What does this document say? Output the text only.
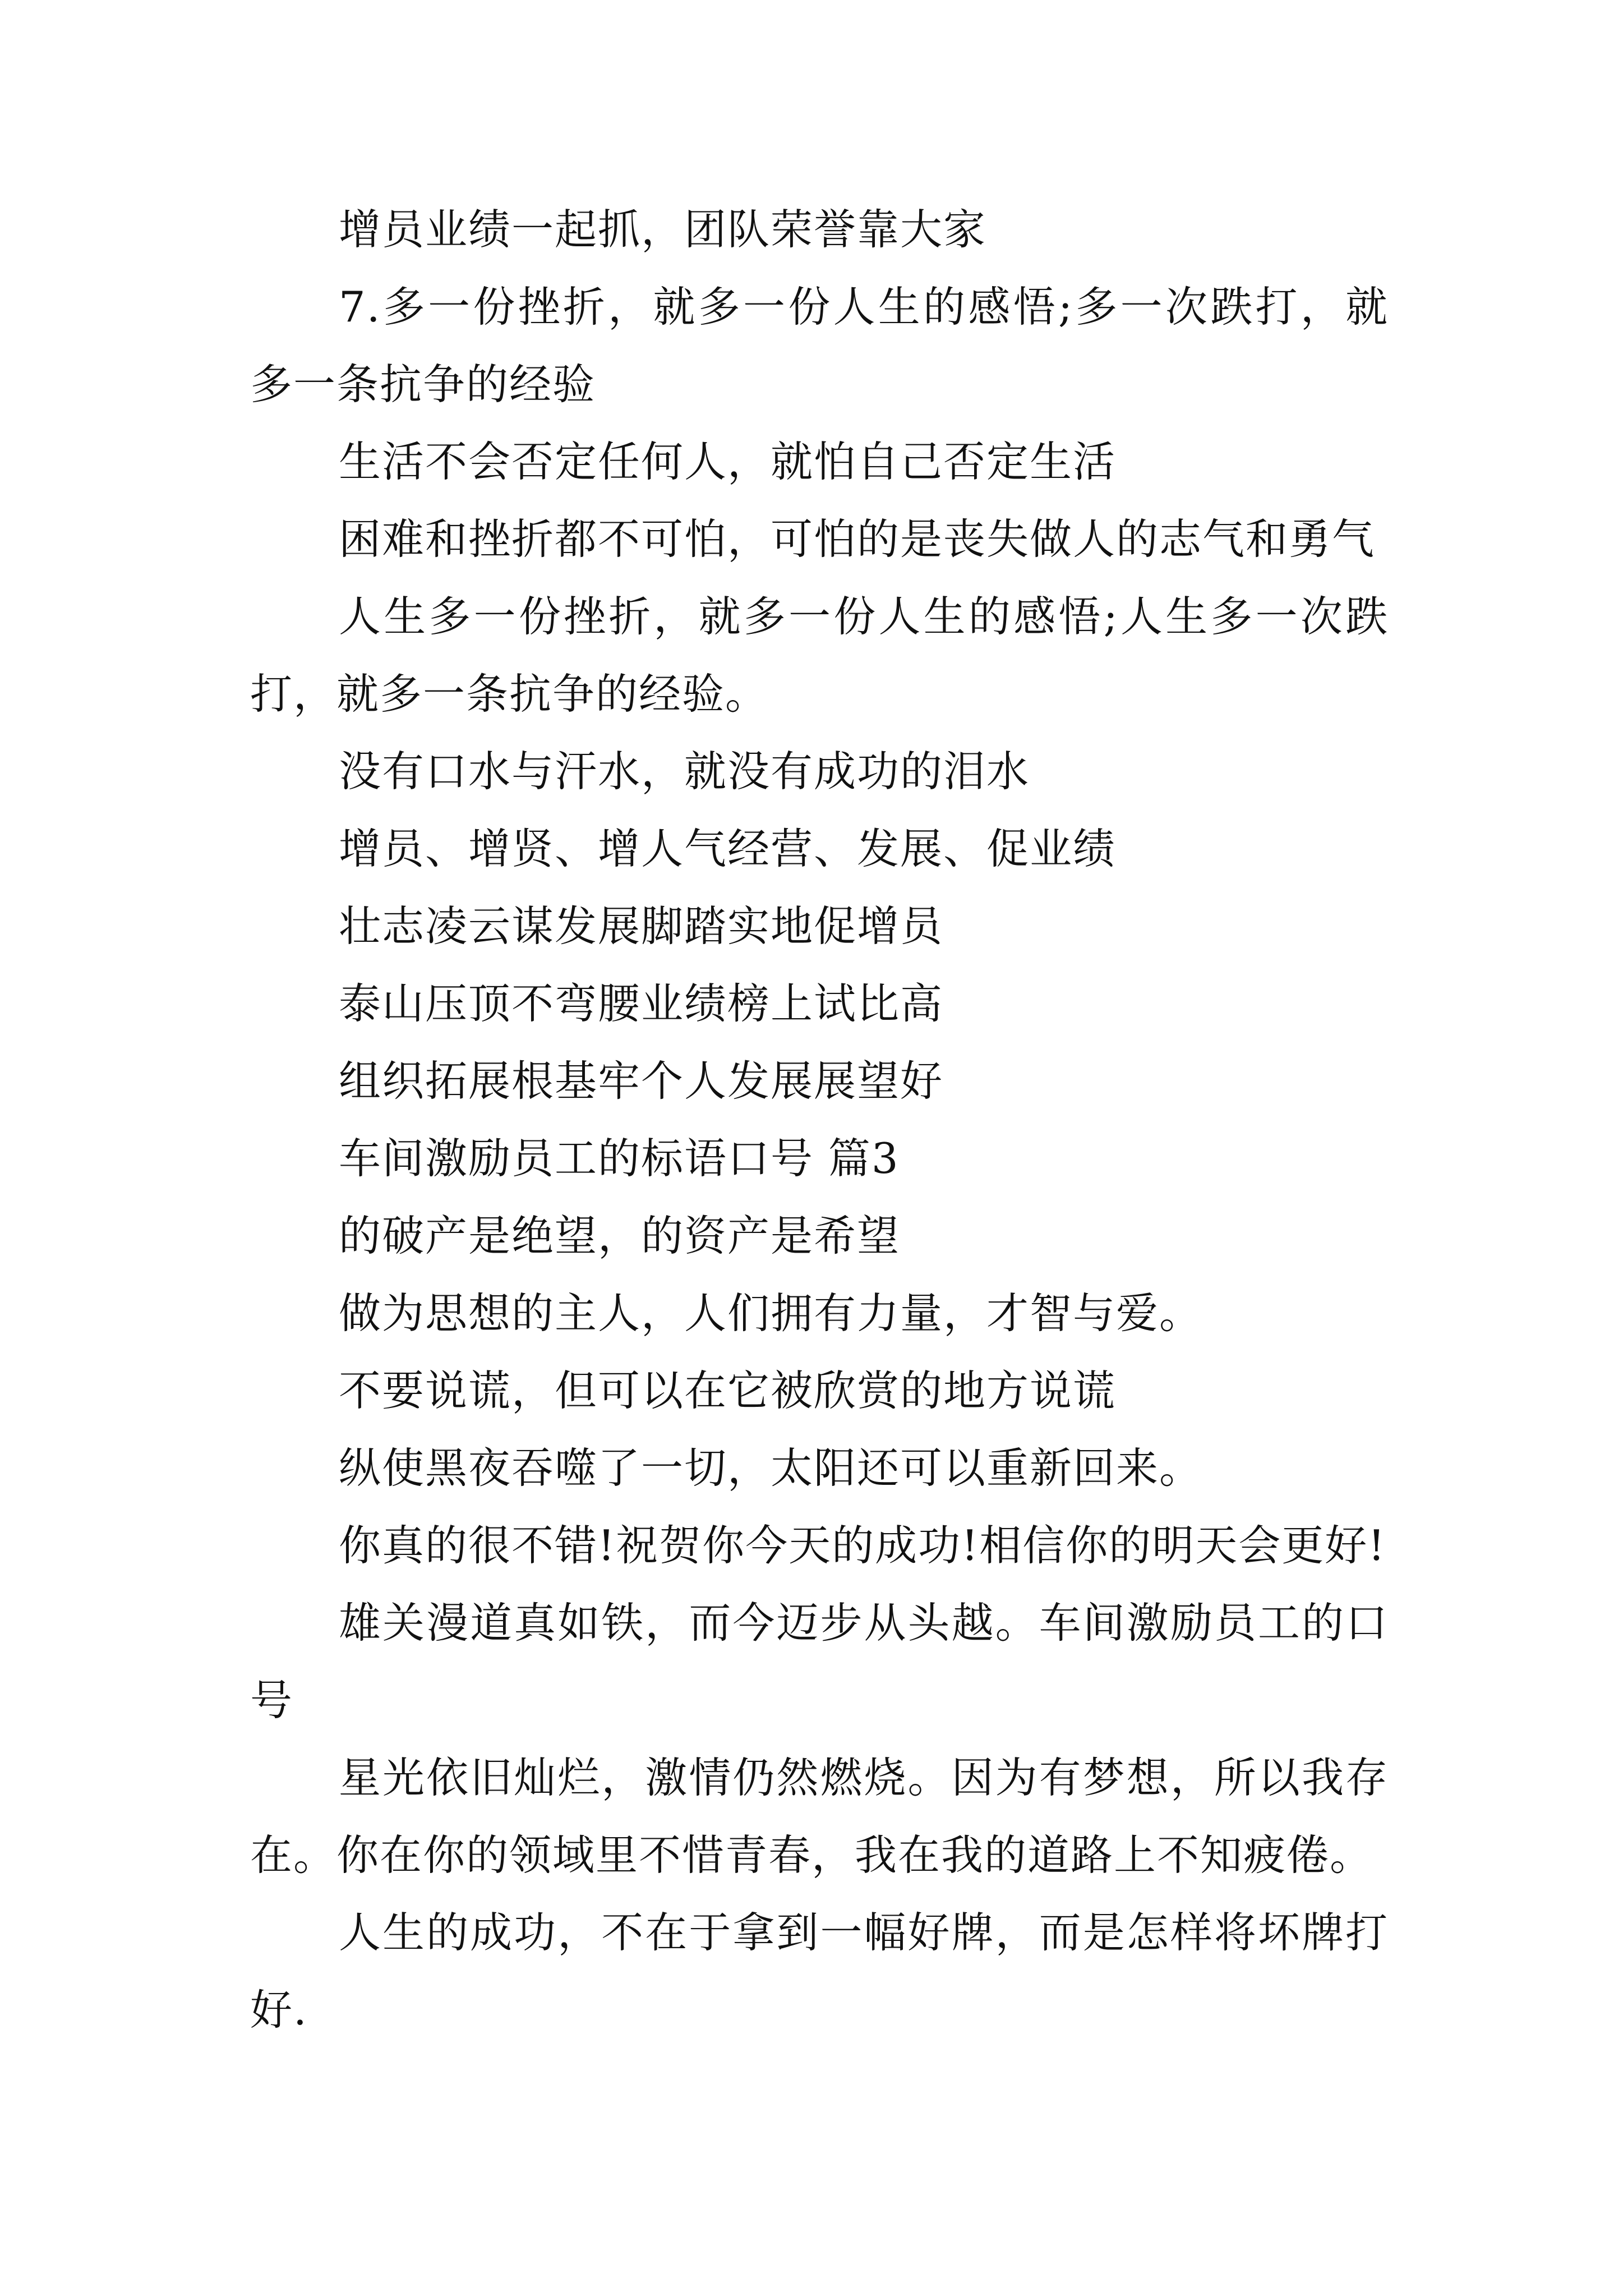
增员业绩一起抓，团队荣誉靠大家

7.多一份挫折，就多一份人生的感悟;多一次跌打，就多一条抗争的经验

生活不会否定任何人，就怕自己否定生活

困难和挫折都不可怕，可怕的是丧失做人的志气和勇气

人生多一份挫折，就多一份人生的感悟;人生多一次跌打，就多一条抗争的经验。

没有口水与汗水，就没有成功的泪水

增员、增贤、增人气经营、发展、促业绩

壮志凌云谋发展脚踏实地促增员

泰山压顶不弯腰业绩榜上试比高

组织拓展根基牢个人发展展望好

车间激励员工的标语口号 篇3

的破产是绝望，的资产是希望

做为思想的主人，人们拥有力量，才智与爱。

不要说谎，但可以在它被欣赏的地方说谎

纵使黑夜吞噬了一切，太阳还可以重新回来。

你真的很不错!祝贺你今天的成功!相信你的明天会更好!

雄关漫道真如铁，而今迈步从头越。车间激励员工的口号

星光依旧灿烂，激情仍然燃烧。因为有梦想，所以我存在。你在你的领域里不惜青春，我在我的道路上不知疲倦。

人生的成功，不在于拿到一幅好牌，而是怎样将坏牌打好.
